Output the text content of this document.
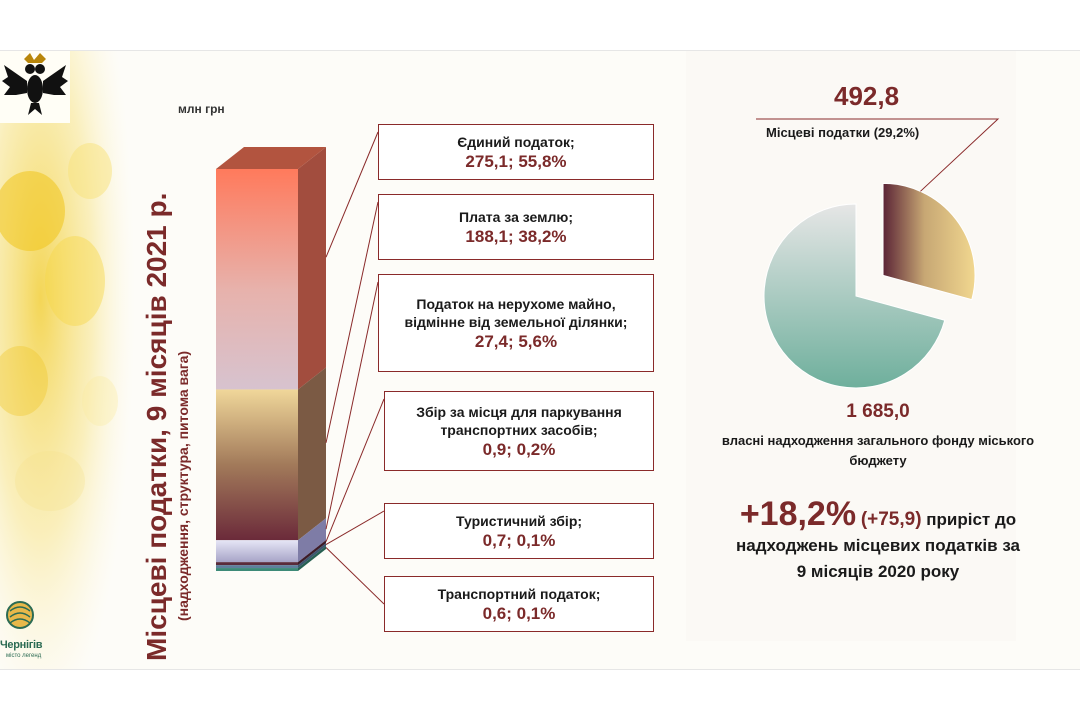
Чернігів
місто легенд	Місцеві податки, 9 місяців 2021 р. (надходження, структура, питома вага)
млн грн
Єдиний податок;
275,1; 55,8%
Плата за землю;
188,1; 38,2%
Податок на нерухоме майно,
відмінне від земельної ділянки;
27,4; 5,6%
Збір за місця для паркування
транспортних засобів;
0,9; 0,2%
Туристичний збір;
0,7; 0,1%
Транспортний податок;
0,6; 0,1%
492,8
Місцеві податки (29,2%)
1 685,0
власні надходження загального фонду міського бюджету
+18,2% (+75,9) приріст до
надходжень місцевих податків за
9 місяців 2020 року
